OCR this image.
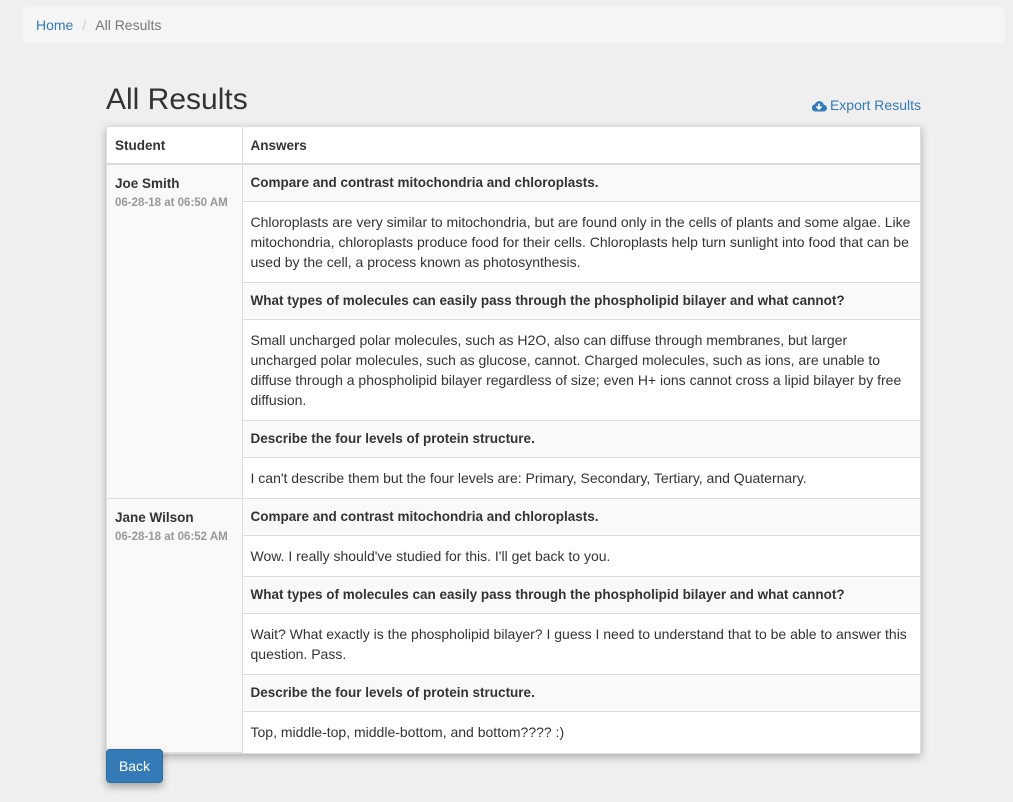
Home / All Results
All Results	Export Results
Student	Answers

Joe Smith
06-28-18 at 06:50 AM	Compare and contrast mitochondria and chloroplasts.
	Chloroplasts are very similar to mitochondria, but are found only in the cells of plants and some algae. Like mitochondria, chloroplasts produce food for their cells. Chloroplasts help turn sunlight into food that can be used by the cell, a process known as photosynthesis.
	What types of molecules can easily pass through the phospholipid bilayer and what cannot?
	Small uncharged polar molecules, such as H2O, also can diffuse through membranes, but larger uncharged polar molecules, such as glucose, cannot. Charged molecules, such as ions, are unable to diffuse through a phospholipid bilayer regardless of size; even H+ ions cannot cross a lipid bilayer by free diffusion.
	Describe the four levels of protein structure.
	I can't describe them but the four levels are: Primary, Secondary, Tertiary, and Quaternary.

Jane Wilson
06-28-18 at 06:52 AM	Compare and contrast mitochondria and chloroplasts.
	Wow. I really should've studied for this. I'll get back to you.
	What types of molecules can easily pass through the phospholipid bilayer and what cannot?
	Wait? What exactly is the phospholipid bilayer? I guess I need to understand that to be able to answer this question. Pass.
	Describe the four levels of protein structure.
	Top, middle-top, middle-bottom, and bottom???? :)
Back
